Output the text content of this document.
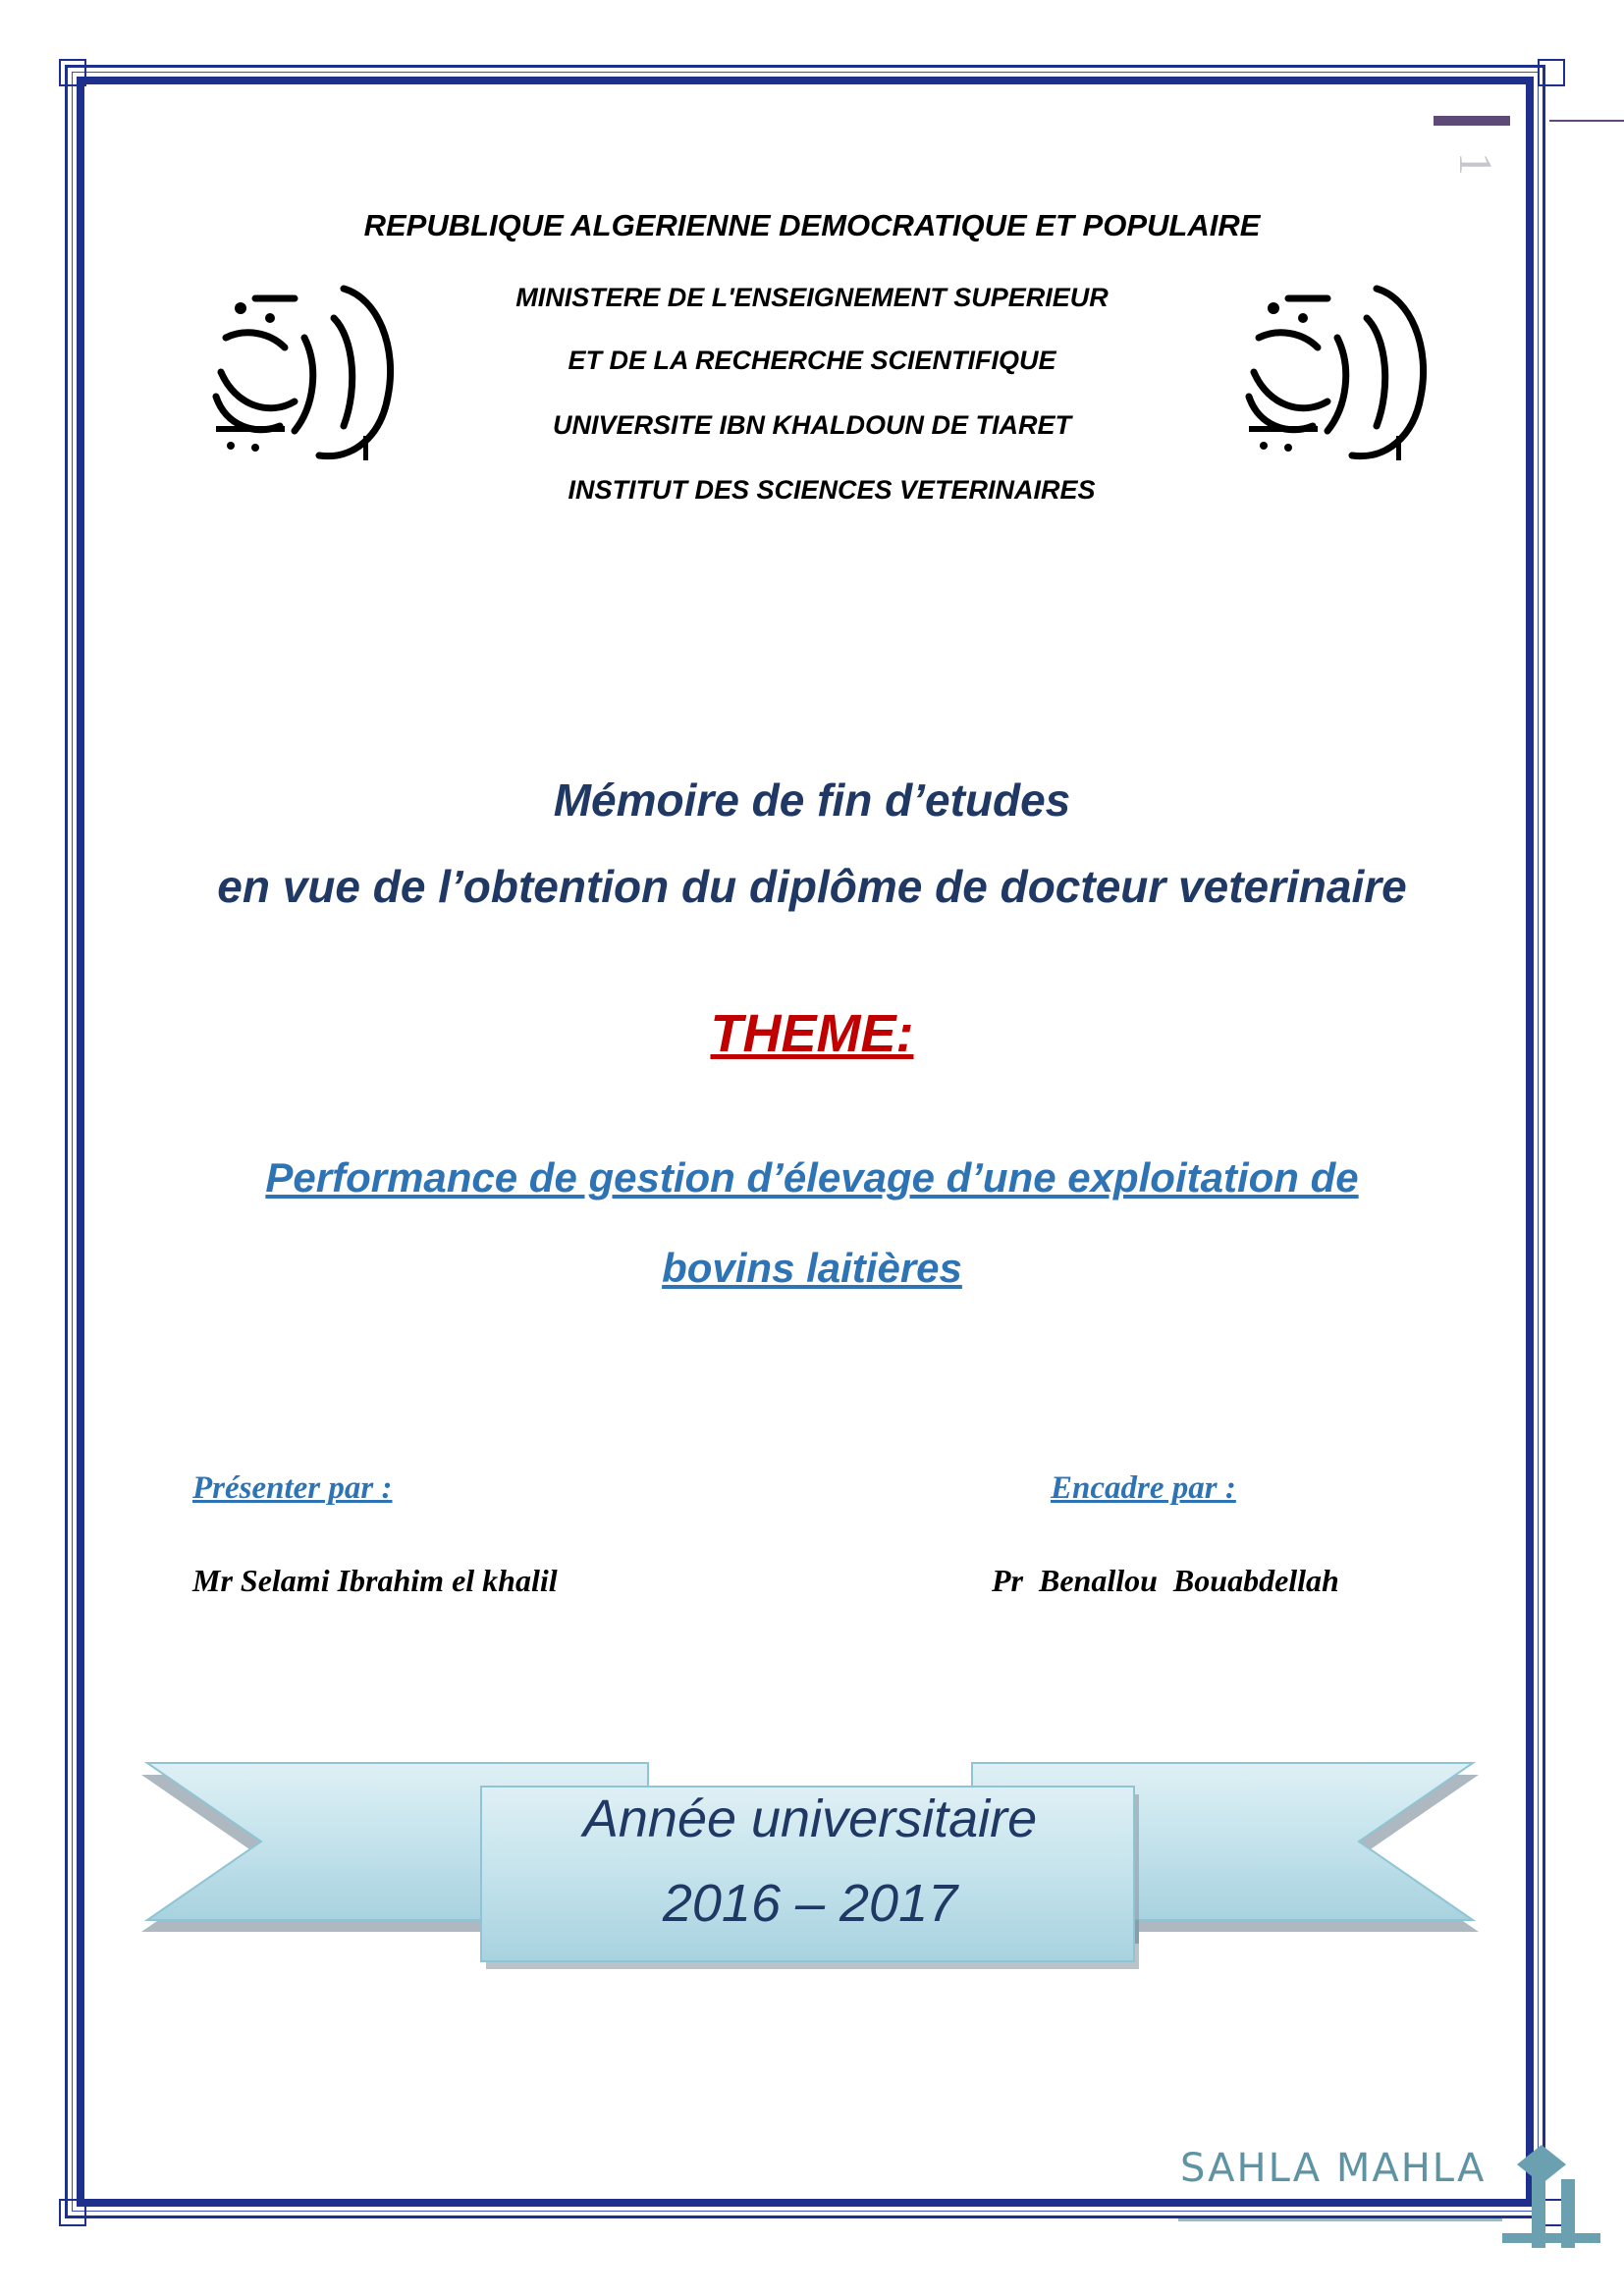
1
REPUBLIQUE ALGERIENNE DEMOCRATIQUE ET POPULAIRE
MINISTERE DE L'ENSEIGNEMENT SUPERIEUR
ET DE LA RECHERCHE SCIENTIFIQUE
UNIVERSITE IBN KHALDOUN DE TIARET
INSTITUT DES SCIENCES VETERINAIRES
Mémoire de fin d’etudes
en vue de l’obtention du diplôme de docteur veterinaire
THEME:
Performance de gestion d’élevage d’une exploitation de
bovins laitières
Présenter par :	Encadre par :
Mr Selami Ibrahim el khalil	Pr  Benallou  Bouabdellah
Année universitaire
2016 – 2017
SAHLA MAHLA
